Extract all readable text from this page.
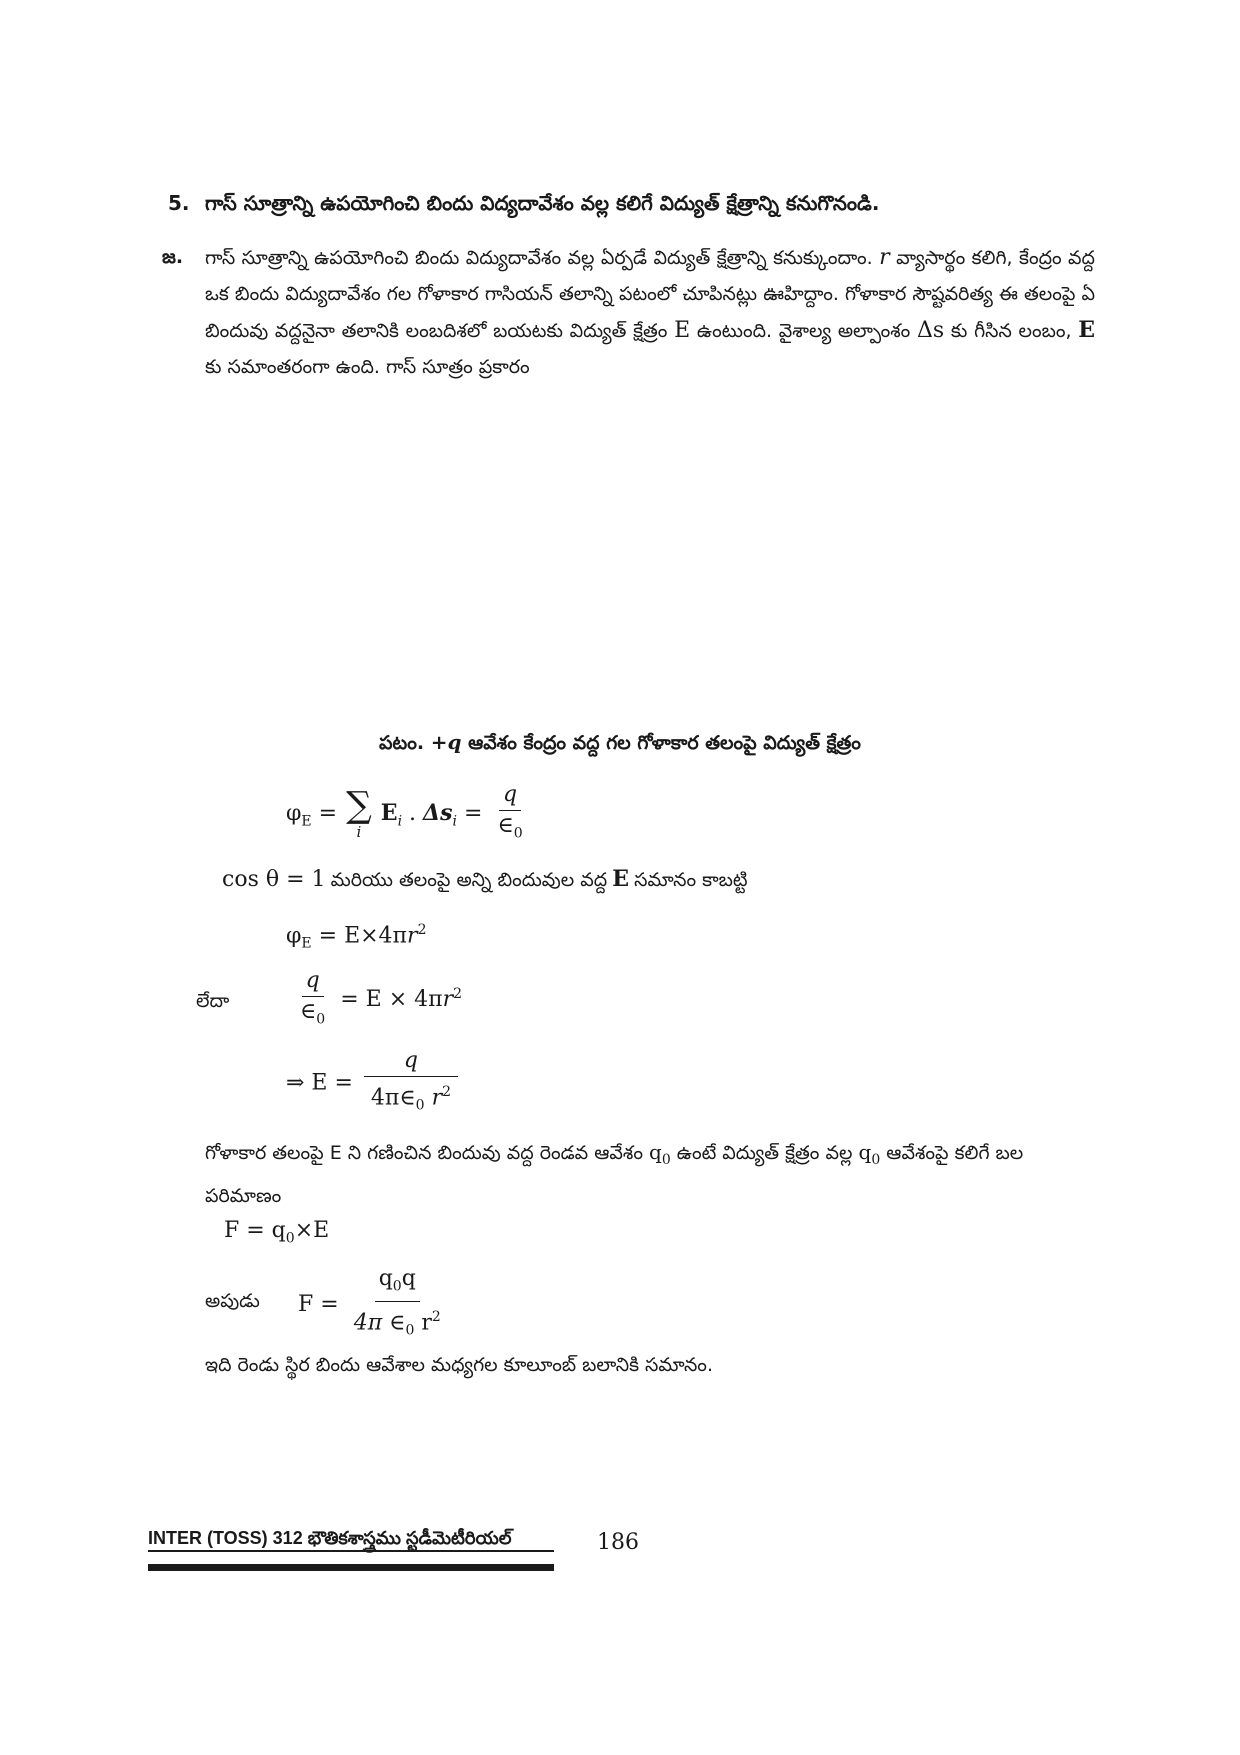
5. గాస్ సూత్రాన్ని ఉపయోగించి బిందు విద్యదావేశం వల్ల కలిగే విద్యుత్ క్షేత్రాన్ని కనుగొనండి.
జ. గాస్ సూత్రాన్ని ఉపయోగించి బిందు విద్యుదావేశం వల్ల ఏర్పడే విద్యుత్ క్షేత్రాన్ని కనుక్కుందాం. r వ్యాసార్థం కలిగి, కేంద్రం వద్ద ఒక బిందు విద్యుదావేశం గల గోళాకార గాసియన్ తలాన్ని పటంలో చూపినట్లు ఊహిద్దాం. గోళాకార సౌష్టవరిత్య ఈ తలంపై ఏ బిందువు వద్దనైనా తలానికి లంబదిశలో బయటకు విద్యుత్ క్షేత్రం E ఉంటుంది. వైశాల్య అల్పాంశం Δs కు గీసిన లంబం, E కు సమాంతరంగా ఉంది. గాస్ సూత్రం ప్రకారం
పటం. +q ఆవేశం కేంద్రం వద్ద గల గోళాకార తలంపై విద్యుత్ క్షేత్రం
$\varphi_E$ = ∑
i
$E_i$ . $\Delta s_i = \frac{q}{\in_0}$
cos θ = 1 మరియు తలంపై అన్ని బిందువుల వద్ద E సమానం కాబట్టి
$\varphi_E = E\times 4\pi r^2$
లేదా	$\frac{q}{\in_0} = E \times 4\pi r^2$
⇒ $E = \frac{q}{4\pi\in_0 r^2}$
గోళాకార తలంపై E ని గణించిన బిందువు వద్ద రెండవ ఆవేశం $q_0$ ఉంటే విద్యుత్ క్షేత్రం వల్ల $q_0$ ఆవేశంపై కలిగే బల పరిమాణం
$F = q_0\times E$
అపుడు $F = \frac{q_0q}{4\pi \in_0 r^2}$
ఇది రెండు స్థిర బిందు ఆవేశాల మధ్యగల కూలూంబ్ బలానికి సమానం.
INTER (TOSS) 312 భౌతికశాస్త్రము స్టడీమెటీరియల్	186
